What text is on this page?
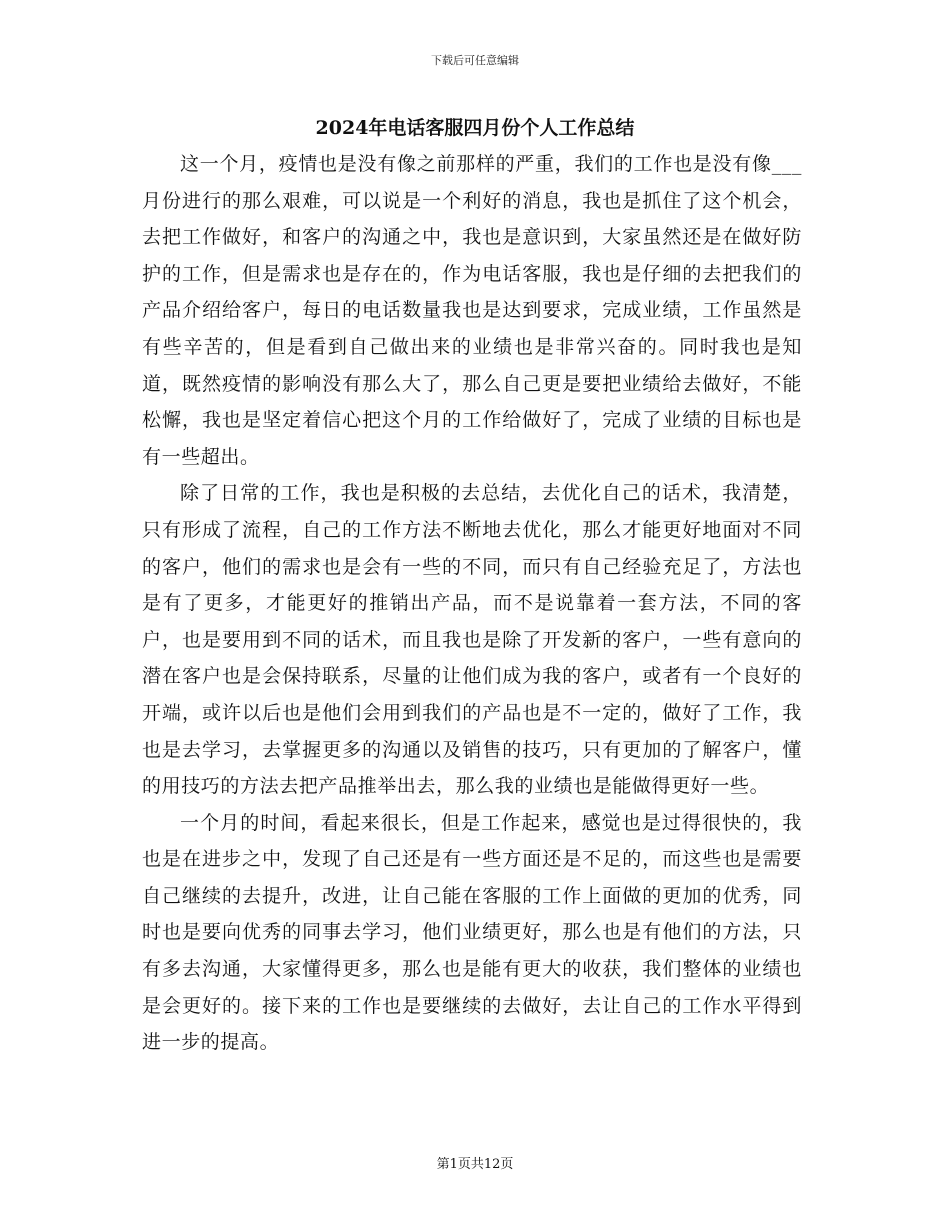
下载后可任意编辑
2024年电话客服四月份个人工作总结

这一个月，疫情也是没有像之前那样的严重，我们的工作也是没有像___月份进行的那么艰难，可以说是一个利好的消息，我也是抓住了这个机会，去把工作做好，和客户的沟通之中，我也是意识到，大家虽然还是在做好防护的工作，但是需求也是存在的，作为电话客服，我也是仔细的去把我们的产品介绍给客户，每日的电话数量我也是达到要求，完成业绩，工作虽然是有些辛苦的，但是看到自己做出来的业绩也是非常兴奋的。同时我也是知道，既然疫情的影响没有那么大了，那么自己更是要把业绩给去做好，不能松懈，我也是坚定着信心把这个月的工作给做好了，完成了业绩的目标也是有一些超出。

除了日常的工作，我也是积极的去总结，去优化自己的话术，我清楚，只有形成了流程，自己的工作方法不断地去优化，那么才能更好地面对不同的客户，他们的需求也是会有一些的不同，而只有自己经验充足了，方法也是有了更多，才能更好的推销出产品，而不是说靠着一套方法，不同的客户，也是要用到不同的话术，而且我也是除了开发新的客户，一些有意向的潜在客户也是会保持联系，尽量的让他们成为我的客户，或者有一个良好的开端，或许以后也是他们会用到我们的产品也是不一定的，做好了工作，我也是去学习，去掌握更多的沟通以及销售的技巧，只有更加的了解客户，懂的用技巧的方法去把产品推举出去，那么我的业绩也是能做得更好一些。

一个月的时间，看起来很长，但是工作起来，感觉也是过得很快的，我也是在进步之中，发现了自己还是有一些方面还是不足的，而这些也是需要自己继续的去提升，改进，让自己能在客服的工作上面做的更加的优秀，同时也是要向优秀的同事去学习，他们业绩更好，那么也是有他们的方法，只有多去沟通，大家懂得更多，那么也是能有更大的收获，我们整体的业绩也是会更好的。接下来的工作也是要继续的去做好，去让自己的工作水平得到进一步的提高。

第1页共12页
